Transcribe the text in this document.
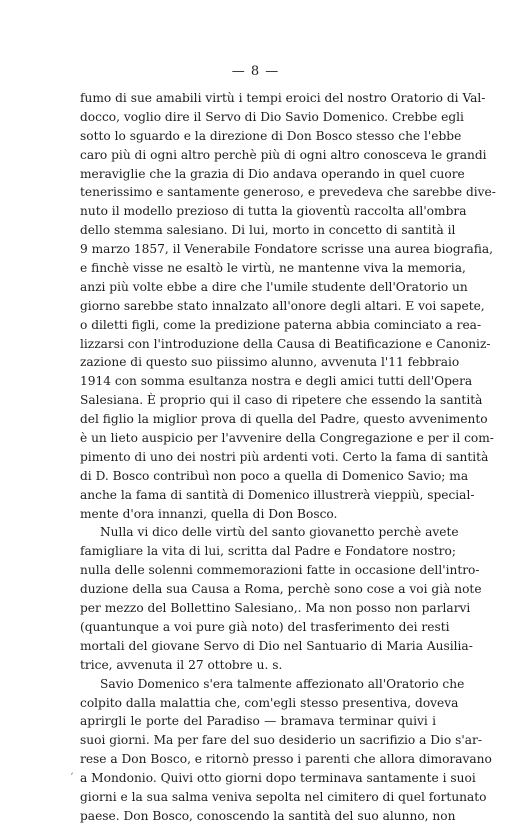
— 8 —
fumo di sue amabili virtù i tempi eroici del nostro Oratorio di Val-
docco, voglio dire il Servo di Dio Savio Domenico. Crebbe egli
sotto lo sguardo e la direzione di Don Bosco stesso che l'ebbe
caro più di ogni altro perchè più di ogni altro conosceva le grandi
meraviglie che la grazia di Dio andava operando in quel cuore
tenerissimo e santamente generoso, e prevedeva che sarebbe dive-
nuto il modello prezioso di tutta la gioventù raccolta all'ombra
dello stemma salesiano. Di lui, morto in concetto di santità il
9 marzo 1857, il Venerabile Fondatore scrisse una aurea biografia,
e finchè visse ne esaltò le virtù, ne mantenne viva la memoria,
anzi più volte ebbe a dire che l'umile studente dell'Oratorio un
giorno sarebbe stato innalzato all'onore degli altari. E voi sapete,
o diletti figli, come la predizione paterna abbia cominciato a rea-
lizzarsi con l'introduzione della Causa di Beatificazione e Canoniz-
zazione di questo suo piissimo alunno, avvenuta l'11 febbraio
1914 con somma esultanza nostra e degli amici tutti dell'Opera
Salesiana. È proprio qui il caso di ripetere che essendo la santità
del figlio la miglior prova di quella del Padre, questo avvenimento
è un lieto auspicio per l'avvenire della Congregazione e per il com-
pimento di uno dei nostri più ardenti voti. Certo la fama di santità
di D. Bosco contribuì non poco a quella di Domenico Savio; ma
anche la fama di santità di Domenico illustrerà vieppiù, special-
mente d'ora innanzi, quella di Don Bosco.
Nulla vi dico delle virtù del santo giovanetto perchè avete
famigliare la vita di lui, scritta dal Padre e Fondatore nostro;
nulla delle solenni commemorazioni fatte in occasione dell'intro-
duzione della sua Causa a Roma, perchè sono cose a voi già note
per mezzo del Bollettino Salesiano,. Ma non posso non parlarvi
(quantunque a voi pure già noto) del trasferimento dei resti
mortali del giovane Servo di Dio nel Santuario di Maria Ausilia-
trice, avvenuta il 27 ottobre u. s.
Savio Domenico s'era talmente affezionato all'Oratorio che
colpito dalla malattia che, com'egli stesso presentiva, doveva
aprirgli le porte del Paradiso — bramava terminar quivi i
suoi giorni. Ma per fare del suo desiderio un sacrifizio a Dio s'ar-
rese a Don Bosco, e ritornò presso i parenti che allora dimoravano
a Mondonio. Quivi otto giorni dopo terminava santamente i suoi
giorni e la sua salma veniva sepolta nel cimitero di quel fortunato
paese. Don Bosco, conoscendo la santità del suo alunno, non
ʼ
